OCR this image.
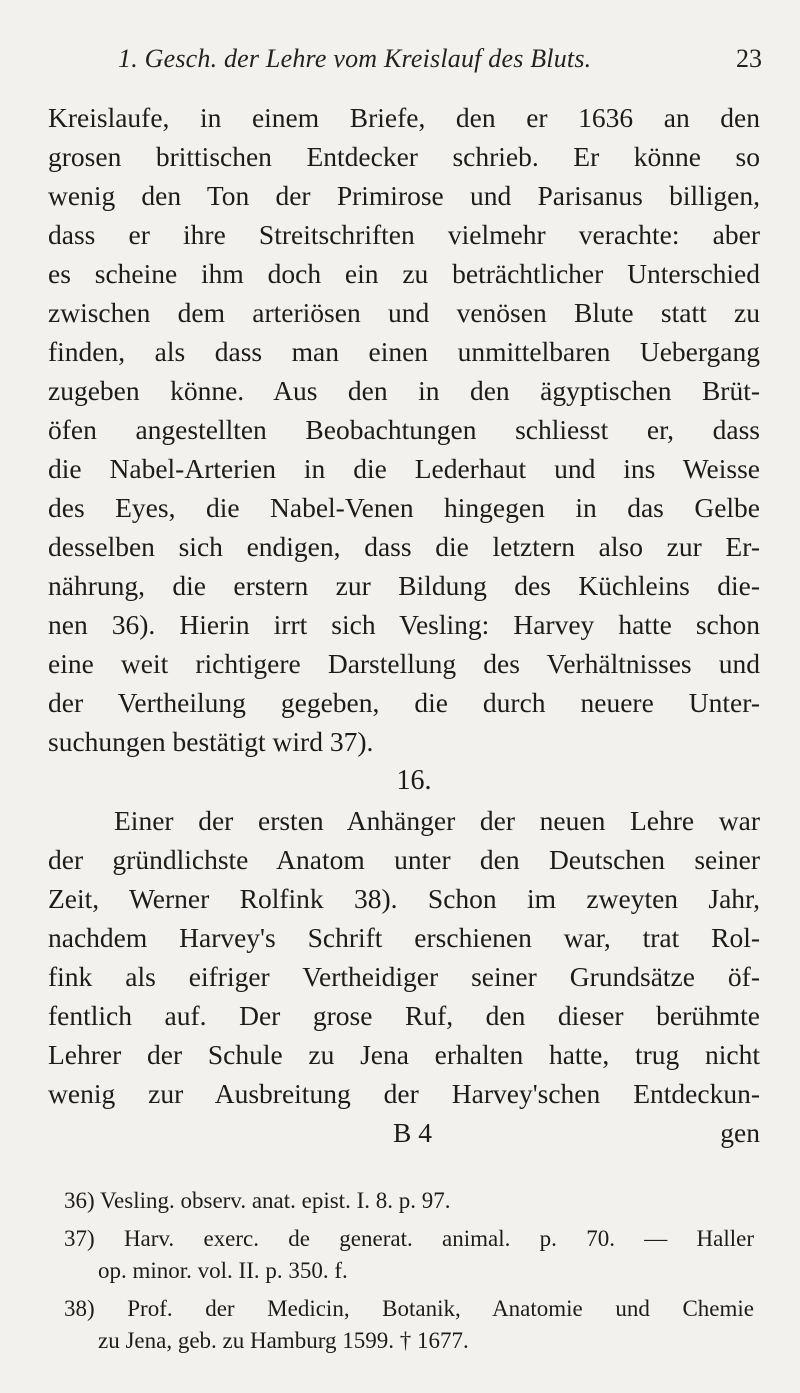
1. Gesch. der Lehre vom Kreislauf des Bluts.	23
Kreislaufe, in einem Briefe, den er 1636 an den
grosen brittischen Entdecker schrieb. Er könne so
wenig den Ton der Primirose und Parisanus billigen,
dass er ihre Streitschriften vielmehr verachte: aber
es scheine ihm doch ein zu beträchtlicher Unterschied
zwischen dem arteriösen und venösen Blute statt zu
finden, als dass man einen unmittelbaren Uebergang
zugeben könne. Aus den in den ägyptischen Brüt-
öfen angestellten Beobachtungen schliesst er, dass
die Nabel-Arterien in die Lederhaut und ins Weisse
des Eyes, die Nabel-Venen hingegen in das Gelbe
desselben sich endigen, dass die letztern also zur Er-
nährung, die erstern zur Bildung des Küchleins die-
nen 36). Hierin irrt sich Vesling: Harvey hatte schon
eine weit richtigere Darstellung des Verhältnisses und
der Vertheilung gegeben, die durch neuere Unter-
suchungen bestätigt wird 37).
16.
Einer der ersten Anhänger der neuen Lehre war
der gründlichste Anatom unter den Deutschen seiner
Zeit, Werner Rolfink 38). Schon im zweyten Jahr,
nachdem Harvey's Schrift erschienen war, trat Rol-
fink als eifriger Vertheidiger seiner Grundsätze öf-
fentlich auf. Der grose Ruf, den dieser berühmte
Lehrer der Schule zu Jena erhalten hatte, trug nicht
wenig zur Ausbreitung der Harvey'schen Entdeckun-
B 4	gen
36) Vesling. observ. anat. epist. I. 8. p. 97.
37) Harv. exerc. de generat. animal. p. 70. — Haller
op. minor. vol. II. p. 350. f.
38) Prof. der Medicin, Botanik, Anatomie und Chemie
zu Jena, geb. zu Hamburg 1599. † 1677.
